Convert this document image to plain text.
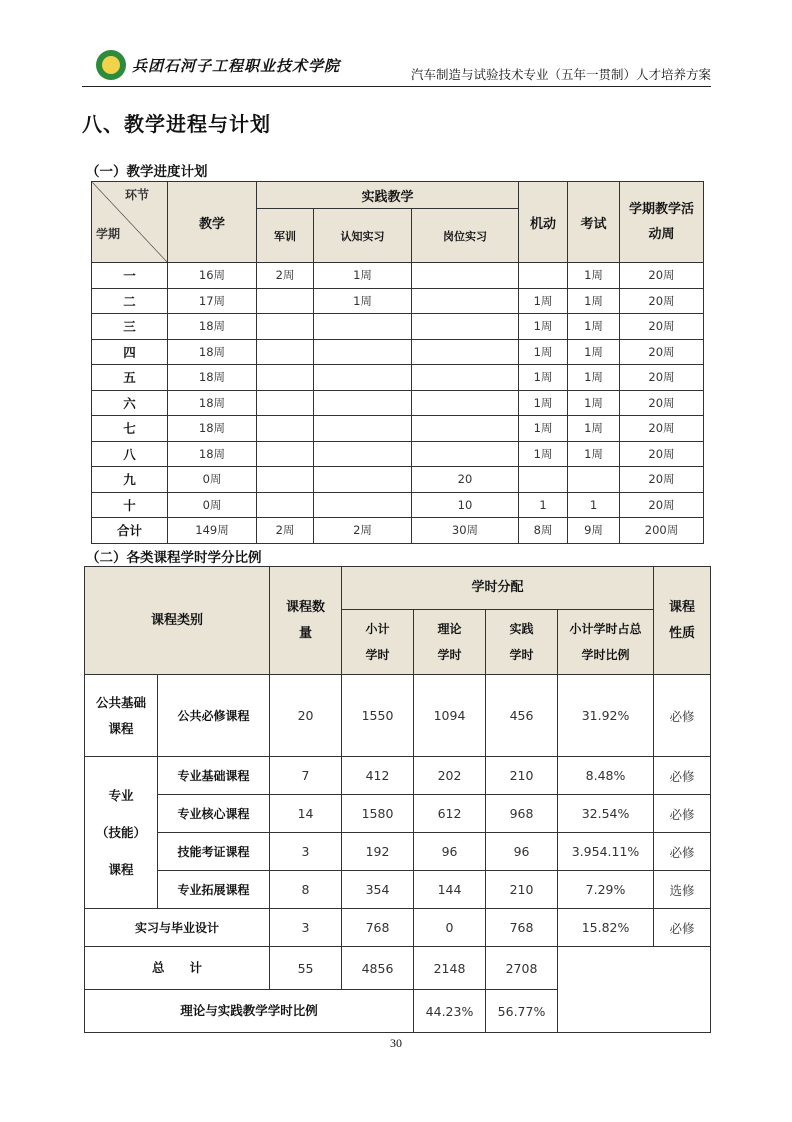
兵团石河子工程职业技术学院	汽车制造与试验技术专业（五年一贯制）人才培养方案
八、教学进程与计划
（一）教学进度计划
环节
学期	教学	实践教学			机动	考试	学期教学活动周
		军训	认知实习	岗位实习			
一	16周	2周	1周			1周	20周
二	17周		1周		1周	1周	20周
三	18周				1周	1周	20周
四	18周				1周	1周	20周
五	18周				1周	1周	20周
六	18周				1周	1周	20周
七	18周				1周	1周	20周
八	18周				1周	1周	20周
九	0周			20			20周
十	0周			10	1	1	20周
合计	149周	2周	2周	30周	8周	9周	200周
（二）各类课程学时学分比例
课程类别		课程数量	学时分配				课程性质
			小计学时	理论学时	实践学时	小计学时占总学时比例	
公共基础课程	公共必修课程	20	1550	1094	456	31.92%	必修

专业
（技能）
课程	专业基础课程	7	412	202	210	8.48%	必修
	专业核心课程	14	1580	612	968	32.54%	必修
	技能考证课程	3	192	96	96	3.954.11%	必修
	专业拓展课程	8	354	144	210	7.29%	选修
实习与毕业设计		3	768	0	768	15.82%	必修
总　　计		55	4856	2148	2708		
理论与实践教学学时比例				44.23%	56.77%		
30
